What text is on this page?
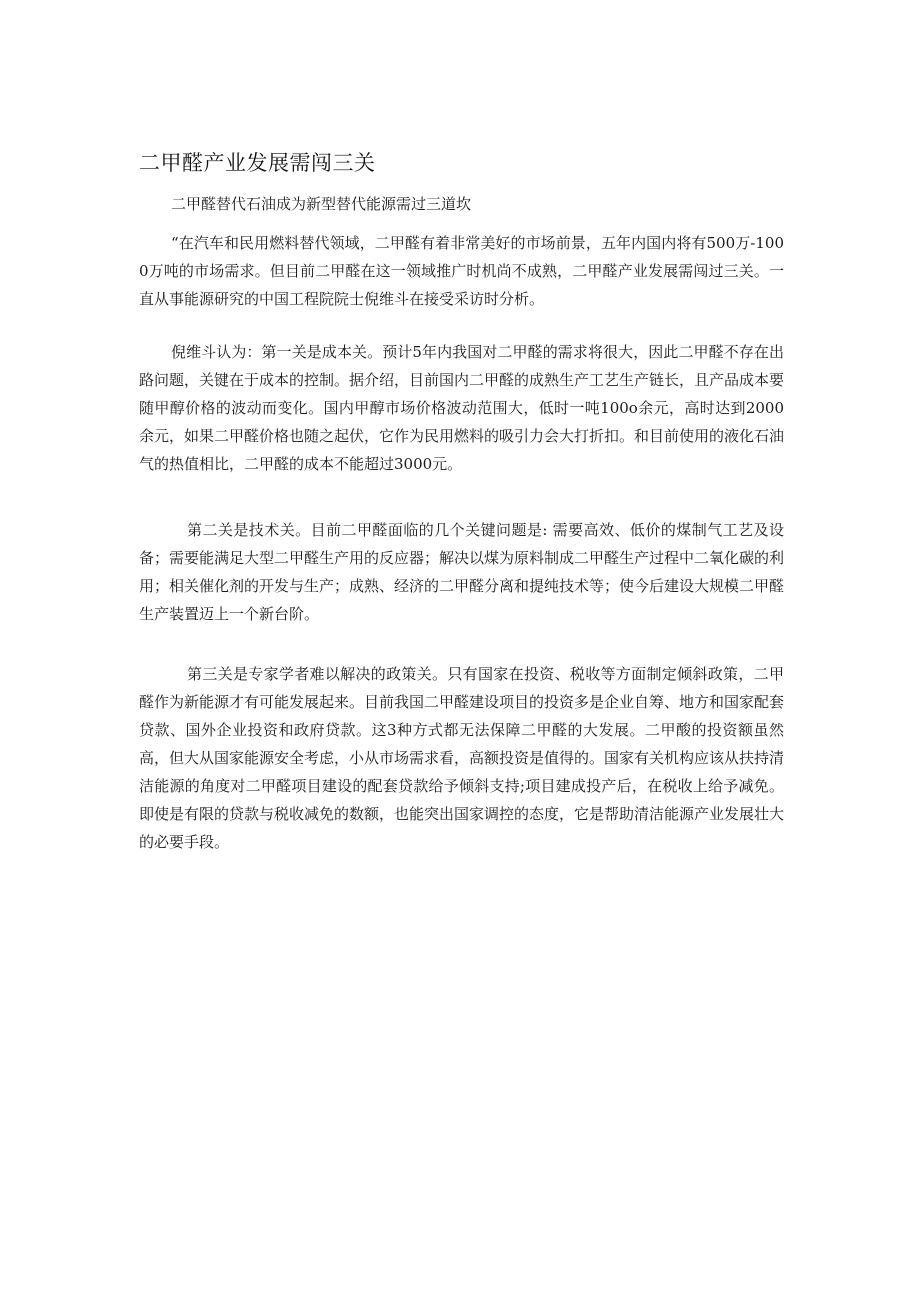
二甲醛产业发展需闯三关

二甲醛替代石油成为新型替代能源需过三道坎

“在汽车和民用燃料替代领域，二甲醛有着非常美好的市场前景，五年内国内将有500万-1000万吨的市场需求。但目前二甲醛在这一领域推广时机尚不成熟，二甲醛产业发展需闯过三关。一直从事能源研究的中国工程院院士倪维斗在接受采访时分析。

倪维斗认为：第一关是成本关。预计5年内我国对二甲醛的需求将很大，因此二甲醛不存在出路问题，关键在于成本的控制。据介绍，目前国内二甲醛的成熟生产工艺生产链长，且产品成本要随甲醇价格的波动而变化。国内甲醇市场价格波动范围大，低时一吨100o余元，高时达到2000余元，如果二甲醛价格也随之起伏，它作为民用燃料的吸引力会大打折扣。和目前使用的液化石油气的热值相比，二甲醛的成本不能超过3000元。

第二关是技术关。目前二甲醛面临的几个关键问题是: 需要高效、低价的煤制气工艺及设备；需要能满足大型二甲醛生产用的反应器；解决以煤为原料制成二甲醛生产过程中二氧化碳的利用；相关催化剂的开发与生产；成熟、经济的二甲醛分离和提纯技术等；使今后建设大规模二甲醛生产装置迈上一个新台阶。

第三关是专家学者难以解决的政策关。只有国家在投资、税收等方面制定倾斜政策，二甲醛作为新能源才有可能发展起来。目前我国二甲醛建设项目的投资多是企业自筹、地方和国家配套贷款、国外企业投资和政府贷款。这3种方式都无法保障二甲醛的大发展。二甲酸的投资额虽然高，但大从国家能源安全考虑，小从市场需求看，高额投资是值得的。国家有关机构应该从扶持清洁能源的角度对二甲醛项目建设的配套贷款给予倾斜支持;项目建成投产后，在税收上给予减免。即使是有限的贷款与税收减免的数额，也能突出国家调控的态度，它是帮助清洁能源产业发展壮大的必要手段。
